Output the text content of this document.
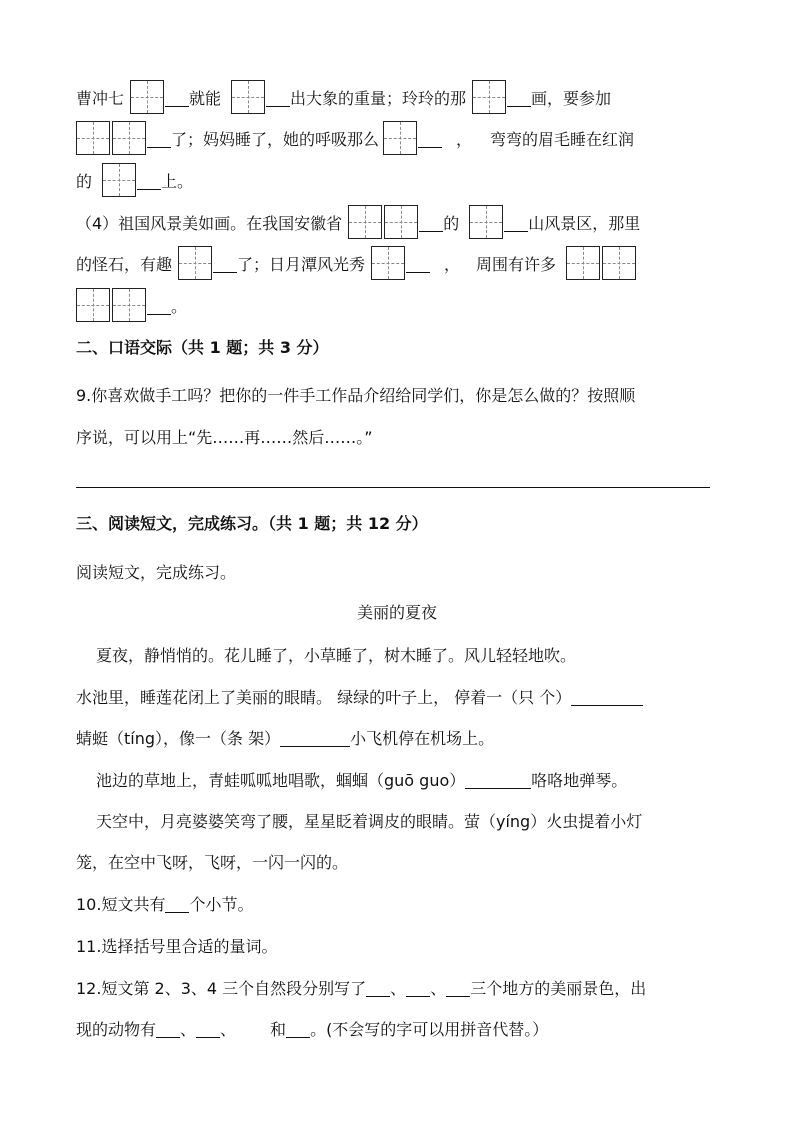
曹冲七	就能	出大象的重量；玲玲的那	画，要参加
了；妈妈睡了，她的呼吸那么	， 弯弯的眉毛睡在红润
的	上。
（4）祖国风景美如画。在我国安徽省	的	山风景区，那里
的怪石，有趣	了；日月潭风光秀	， 周围有许多
。
二、口语交际（共 1 题；共 3 分）
9.你喜欢做手工吗？把你的一件手工作品介绍给同学们，你是怎么做的？按照顺
序说，可以用上“先……再……然后……。”
三、阅读短文，完成练习。（共 1 题；共 12 分）
阅读短文，完成练习。
美丽的夏夜
夏夜，静悄悄的。花儿睡了，小草睡了，树木睡了。风儿轻轻地吹。
水池里，睡莲花闭上了美丽的眼睛。 绿绿的叶子上， 停着一（只 个）
蜻蜓（tíng），像一（条 架）	小飞机停在机场上。
池边的草地上，青蛙呱呱地唱歌，蝈蝈（guō guo）	咯咯地弹琴。
天空中，月亮婆婆笑弯了腰，星星眨着调皮的眼睛。萤（yíng）火虫提着小灯
笼，在空中飞呀，飞呀，一闪一闪的。
10.短文共有 个小节。
11.选择括号里合适的量词。
12.短文第 2、3、4 三个自然段分别写了 、 、 三个地方的美丽景色，出
现的动物有 、 、 和 。(不会写的字可以用拼音代替。）
